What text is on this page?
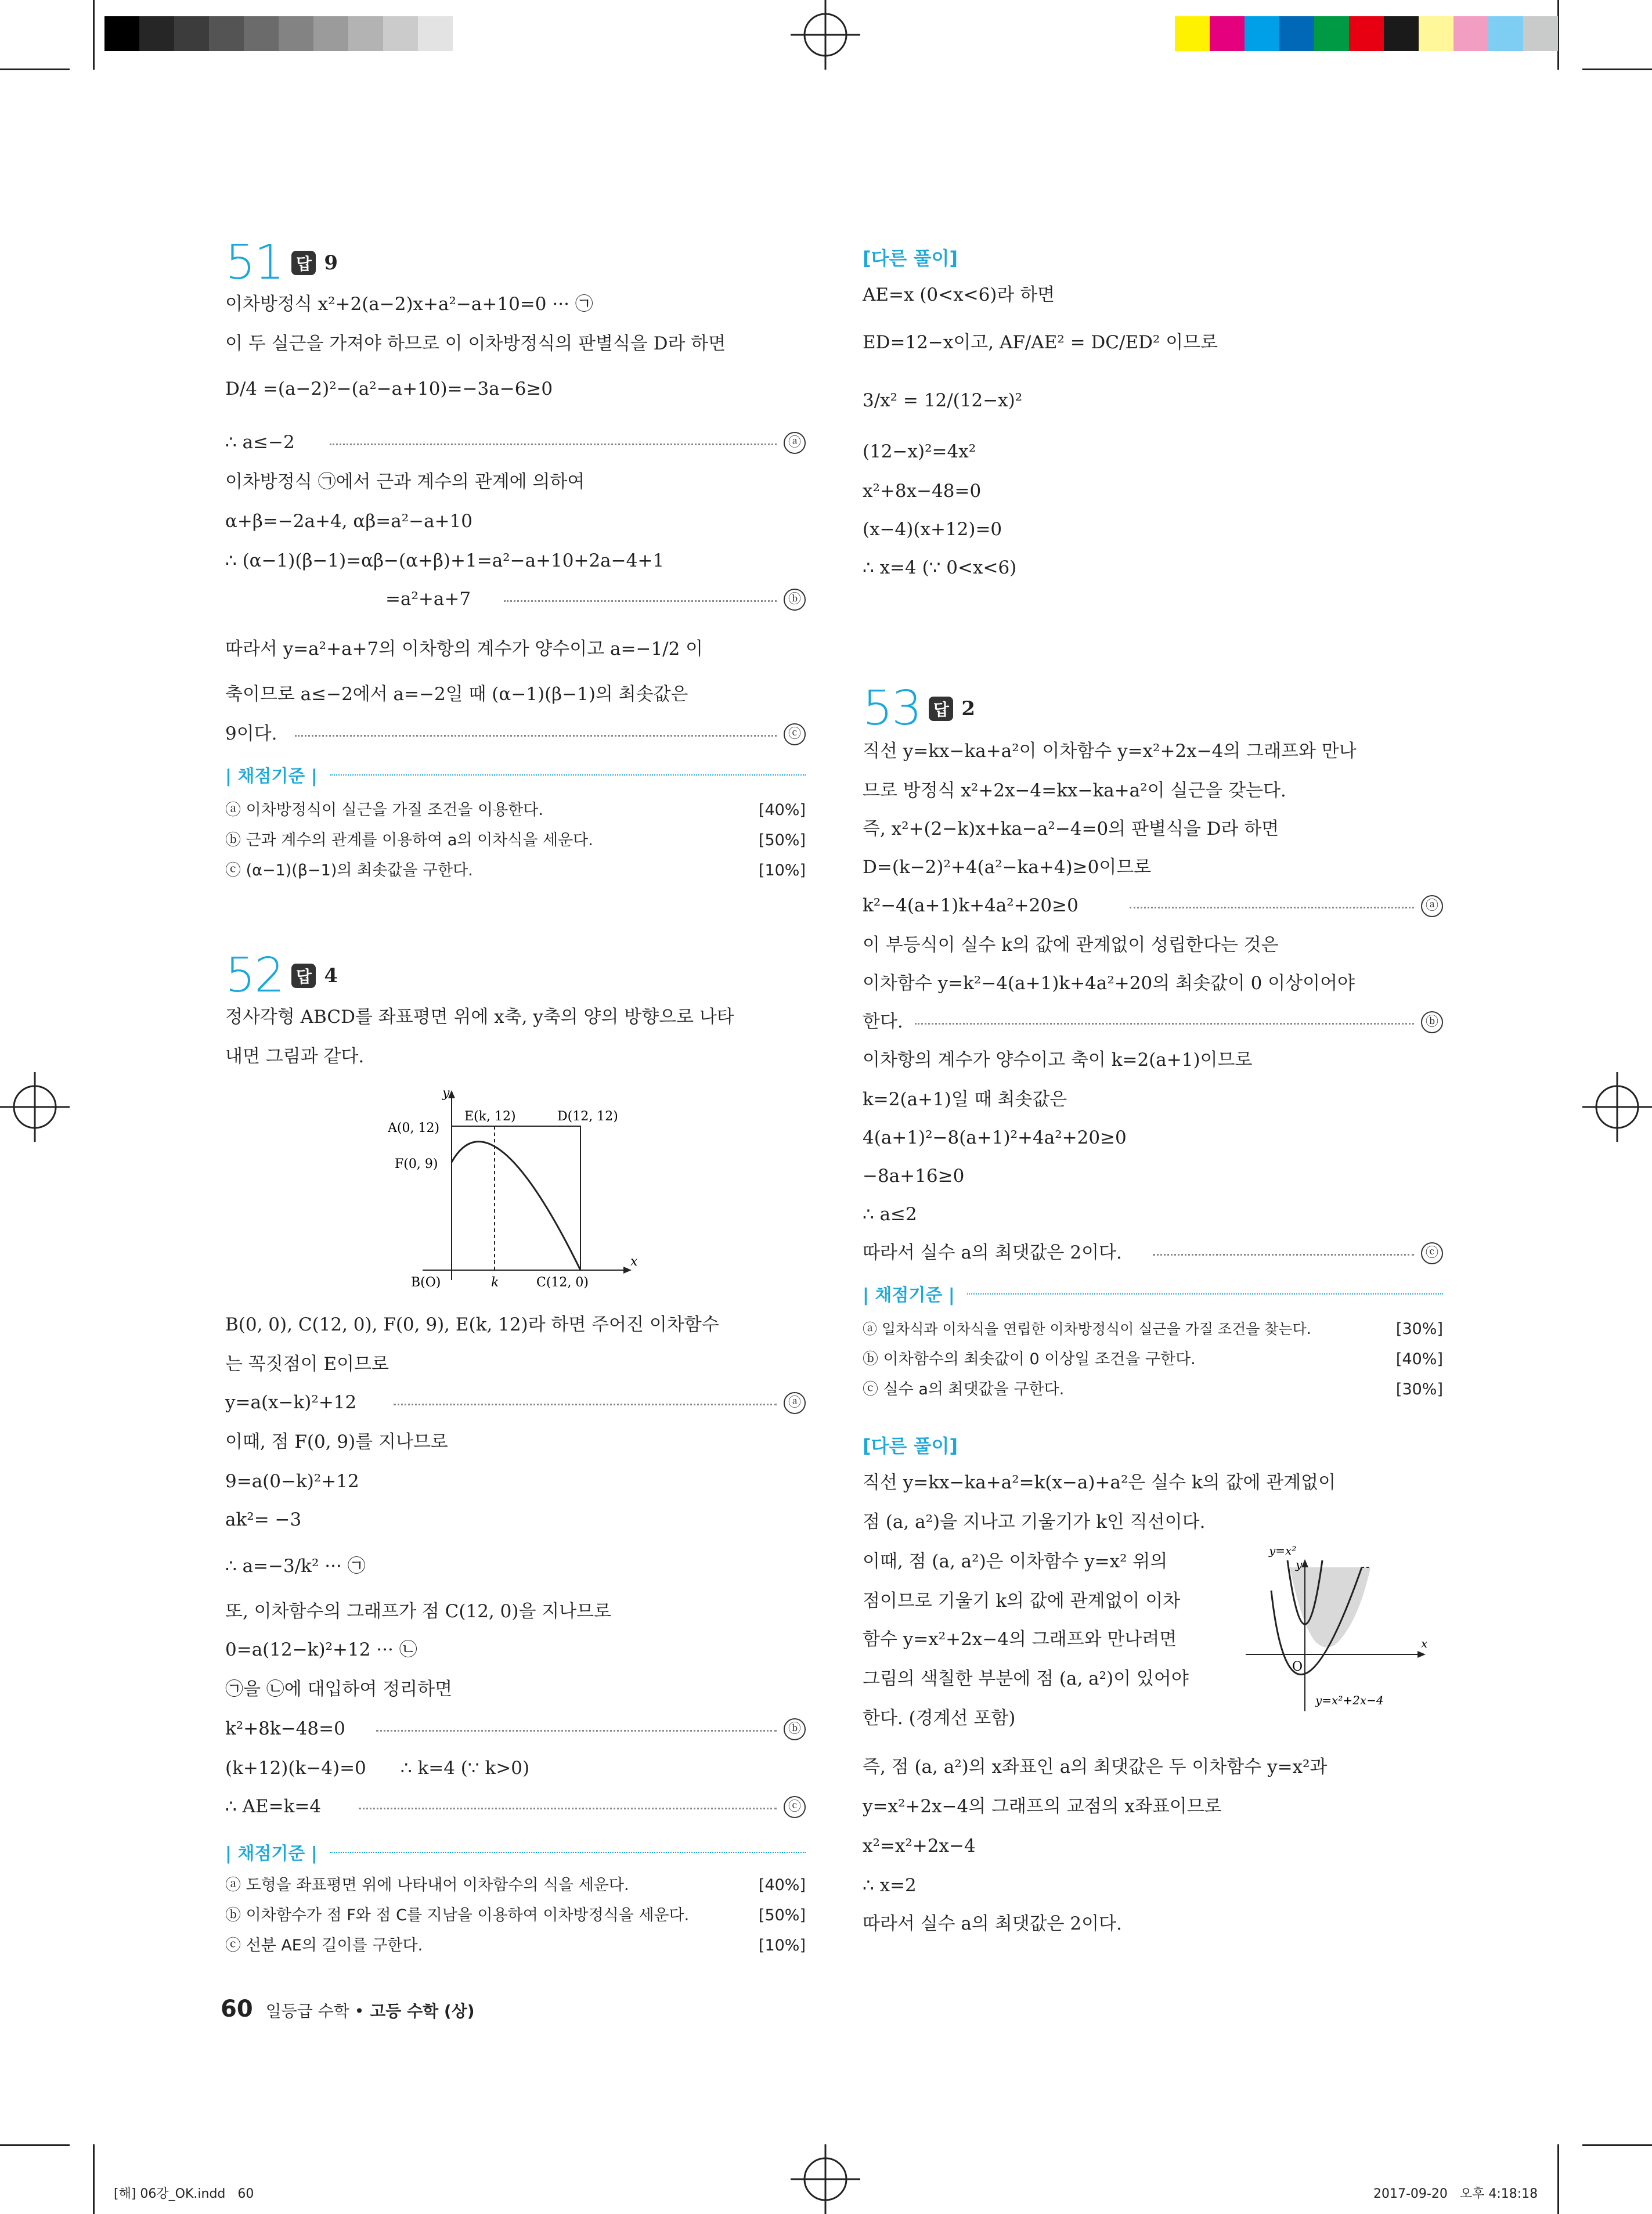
51 답 9
이차방정식 x²+2(a−2)x+a²−a+10=0 ··· ㉠
이 두 실근을 가져야 하므로 이 이차방정식의 판별식을 D라 하면
D/4 =(a−2)²−(a²−a+10)=−3a−6≥0
∴ a≤−2	ⓐ
이차방정식 ㉠에서 근과 계수의 관계에 의하여
α+β=−2a+4, αβ=a²−a+10
∴ (α−1)(β−1)=αβ−(α+β)+1=a²−a+10+2a−4+1
=a²+a+7	ⓑ
따라서 y=a²+a+7의 이차항의 계수가 양수이고 a=−1/2 이
축이므로 a≤−2에서 a=−2일 때 (α−1)(β−1)의 최솟값은
9이다.	ⓒ
| 채점기준 |
ⓐ 이차방정식이 실근을 가질 조건을 이용한다.	[40%]
ⓑ 근과 계수의 관계를 이용하여 a의 이차식을 세운다.	[50%]
ⓒ (α−1)(β−1)의 최솟값을 구한다.	[10%]
52 답 4
정사각형 ABCD를 좌표평면 위에 x축, y축의 양의 방향으로 나타
내면 그림과 같다.
y
x
A(0, 12)
E(k, 12)	D(12, 12)
F(0, 9)
B(O)	k	C(12, 0)
B(0, 0), C(12, 0), F(0, 9), E(k, 12)라 하면 주어진 이차함수
는 꼭짓점이 E이므로
y=a(x−k)²+12	ⓐ
이때, 점 F(0, 9)를 지나므로
9=a(0−k)²+12
ak²= −3
∴ a=−3/k² ··· ㉠
또, 이차함수의 그래프가 점 C(12, 0)을 지나므로
0=a(12−k)²+12 ··· ㉡
㉠을 ㉡에 대입하여 정리하면
k²+8k−48=0	ⓑ
(k+12)(k−4)=0      ∴ k=4 (∵ k>0)
∴ AE=k=4	ⓒ
| 채점기준 |
ⓐ 도형을 좌표평면 위에 나타내어 이차함수의 식을 세운다.	[40%]
ⓑ 이차함수가 점 F와 점 C를 지남을 이용하여 이차방정식을 세운다.	[50%]
ⓒ 선분 AE의 길이를 구한다.	[10%]
[다른 풀이]
AE=x (0<x<6)라 하면
ED=12−x이고, AF/AE² = DC/ED² 이므로
3/x² = 12/(12−x)²
(12−x)²=4x²
x²+8x−48=0
(x−4)(x+12)=0
∴ x=4 (∵ 0<x<6)
53 답 2
직선 y=kx−ka+a²이 이차함수 y=x²+2x−4의 그래프와 만나
므로 방정식 x²+2x−4=kx−ka+a²이 실근을 갖는다.
즉, x²+(2−k)x+ka−a²−4=0의 판별식을 D라 하면
D=(k−2)²+4(a²−ka+4)≥0이므로
k²−4(a+1)k+4a²+20≥0	ⓐ
이 부등식이 실수 k의 값에 관계없이 성립한다는 것은
이차함수 y=k²−4(a+1)k+4a²+20의 최솟값이 0 이상이어야
한다.	ⓑ
이차항의 계수가 양수이고 축이 k=2(a+1)이므로
k=2(a+1)일 때 최솟값은
4(a+1)²−8(a+1)²+4a²+20≥0
−8a+16≥0
∴ a≤2
따라서 실수 a의 최댓값은 2이다.	ⓒ
| 채점기준 |
ⓐ 일차식과 이차식을 연립한 이차방정식이 실근을 가질 조건을 찾는다.	[30%]
ⓑ 이차함수의 최솟값이 0 이상일 조건을 구한다.	[40%]
ⓒ 실수 a의 최댓값을 구한다.	[30%]
[다른 풀이]
직선 y=kx−ka+a²=k(x−a)+a²은 실수 k의 값에 관계없이
점 (a, a²)을 지나고 기울기가 k인 직선이다.
이때, 점 (a, a²)은 이차함수 y=x² 위의
점이므로 기울기 k의 값에 관계없이 이차
함수 y=x²+2x−4의 그래프와 만나려면
그림의 색칠한 부분에 점 (a, a²)이 있어야
한다. (경계선 포함)
y=x²
y
x
O
y=x²+2x−4
즉, 점 (a, a²)의 x좌표인 a의 최댓값은 두 이차함수 y=x²과
y=x²+2x−4의 그래프의 교점의 x좌표이므로
x²=x²+2x−4
∴ x=2
따라서 실수 a의 최댓값은 2이다.
60 일등급 수학 • 고등 수학 (상)
[해] 06강_OK.indd   60	2017-09-20   오후 4:18:18
